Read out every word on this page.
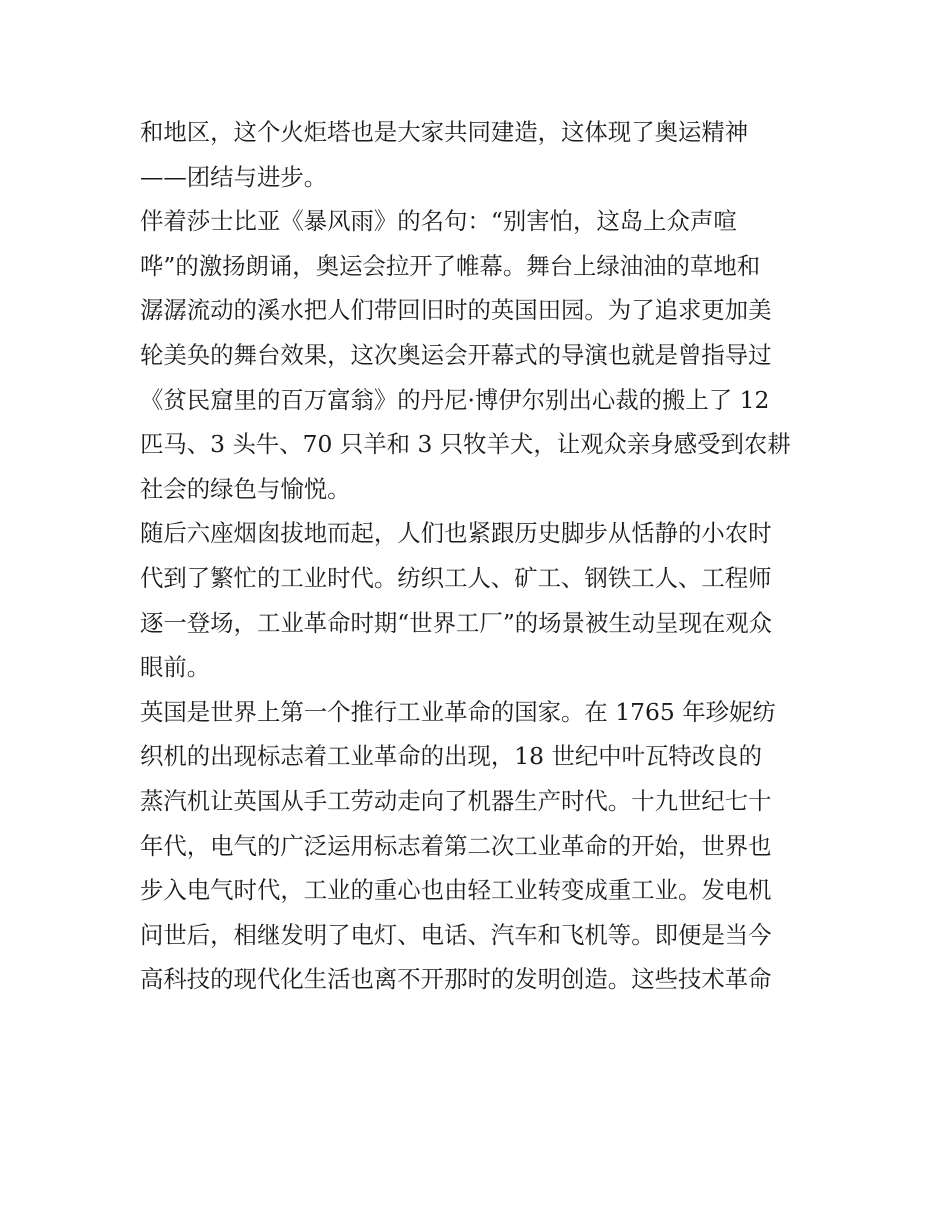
和地区，这个火炬塔也是大家共同建造，这体现了奥运精神
——团结与进步。
伴着莎士比亚《暴风雨》的名句：“别害怕，这岛上众声喧
哗”的激扬朗诵，奥运会拉开了帷幕。舞台上绿油油的草地和
潺潺流动的溪水把人们带回旧时的英国田园。为了追求更加美
轮美奂的舞台效果，这次奥运会开幕式的导演也就是曾指导过
《贫民窟里的百万富翁》的丹尼·博伊尔别出心裁的搬上了 12
匹马、3 头牛、70 只羊和 3 只牧羊犬，让观众亲身感受到农耕
社会的绿色与愉悦。
随后六座烟囱拔地而起，人们也紧跟历史脚步从恬静的小农时
代到了繁忙的工业时代。纺织工人、矿工、钢铁工人、工程师
逐一登场，工业革命时期“世界工厂”的场景被生动呈现在观众
眼前。
英国是世界上第一个推行工业革命的国家。在 1765 年珍妮纺
织机的出现标志着工业革命的出现，18 世纪中叶瓦特改良的
蒸汽机让英国从手工劳动走向了机器生产时代。十九世纪七十
年代，电气的广泛运用标志着第二次工业革命的开始，世界也
步入电气时代，工业的重心也由轻工业转变成重工业。发电机
问世后，相继发明了电灯、电话、汽车和飞机等。即便是当今
高科技的现代化生活也离不开那时的发明创造。这些技术革命
